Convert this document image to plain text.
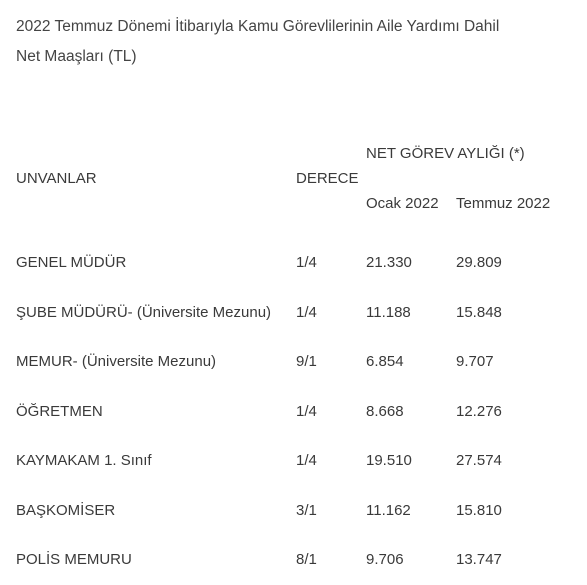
2022 Temmuz Dönemi İtibarıyla Kamu Görevlilerinin Aile Yardımı Dahil
Net Maaşları (TL)
UNVANLAR	DERECE	NET GÖREV AYLIĞI (*)	

		Ocak 2022	Temmuz 2022

GENEL MÜDÜR	1/4	21.330	29.809
ŞUBE MÜDÜRÜ- (Üniversite Mezunu)	1/4	11.188	15.848
MEMUR- (Üniversite Mezunu)	9/1	6.854	9.707
ÖĞRETMEN	1/4	8.668	12.276
KAYMAKAM 1. Sınıf	1/4	19.510	27.574
BAŞKOMİSER	3/1	11.162	15.810
POLİS MEMURU	8/1	9.706	13.747
